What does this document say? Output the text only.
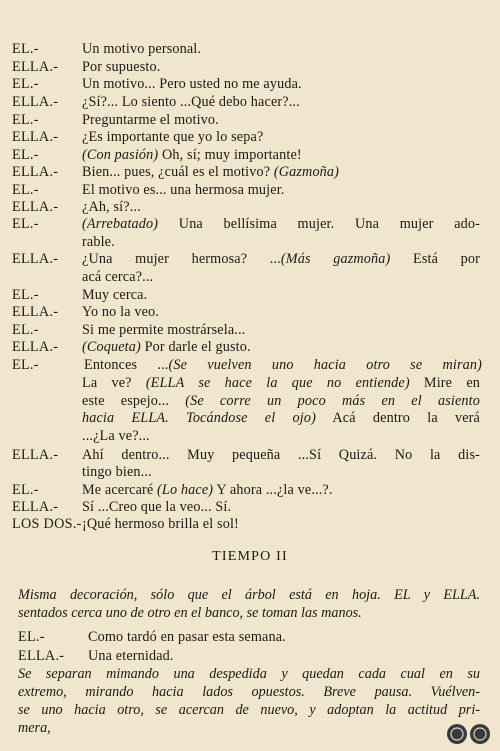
EL.-	Un motivo personal.
ELLA.- Por supuesto.
EL.-	Un motivo... Pero usted no me ayuda.
ELLA.- ¿Sí?... Lo siento ...Qué debo hacer?...
EL.-	Preguntarme el motivo.
ELLA.- ¿Es importante que yo lo sepa?
EL.-	(Con pasión) Oh, sí; muy importante!
ELLA.- Bien... pues, ¿cuál es el motivo? (Gazmoña)
EL.-	El motivo es... una hermosa mujer.
ELLA.- ¿Ah, sí?...
EL.-	(Arrebatado) Una bellísima mujer. Una mujer ado-
rable.
ELLA.- ¿Una mujer hermosa? ...(Más gazmoña) Está por
acá cerca?...
EL.-	Muy cerca.
ELLA.- Yo no la veo.
EL.-	Si me permite mostrársela...
ELLA.- (Coqueta) Por darle el gusto.
EL.-	Entonces ...(Se vuelven uno hacia otro se miran)
La ve? (ELLA se hace la que no entiende) Mire en
este espejo... (Se corre un poco más en el asiento
hacia ELLA. Tocándose el ojo) Acá dentro la verá
...¿La ve?...
ELLA.- Ahí dentro... Muy pequeña ...Sí Quizá. No la dis-
tingo bien...
EL.-	Me acercaré (Lo hace) Y ahora ...¿la ve...?.
ELLA.- Sí ...Creo que la veo... Sí.
LOS DOS.- ¡Qué hermoso brilla el sol!
TIEMPO II
Misma decoración, sólo que el árbol está en hoja. EL y ELLA.
sentados cerca uno de otro en el banco, se toman las manos.
EL.-	Como tardó en pasar esta semana.
ELLA.- Una eternidad.
Se separan mimando una despedida y quedan cada cual en su
extremo, mirando hacia lados opuestos. Breve pausa. Vuélven-
se uno hacia otro, se acercan de nuevo, y adoptan la actitud pri-
mera,
